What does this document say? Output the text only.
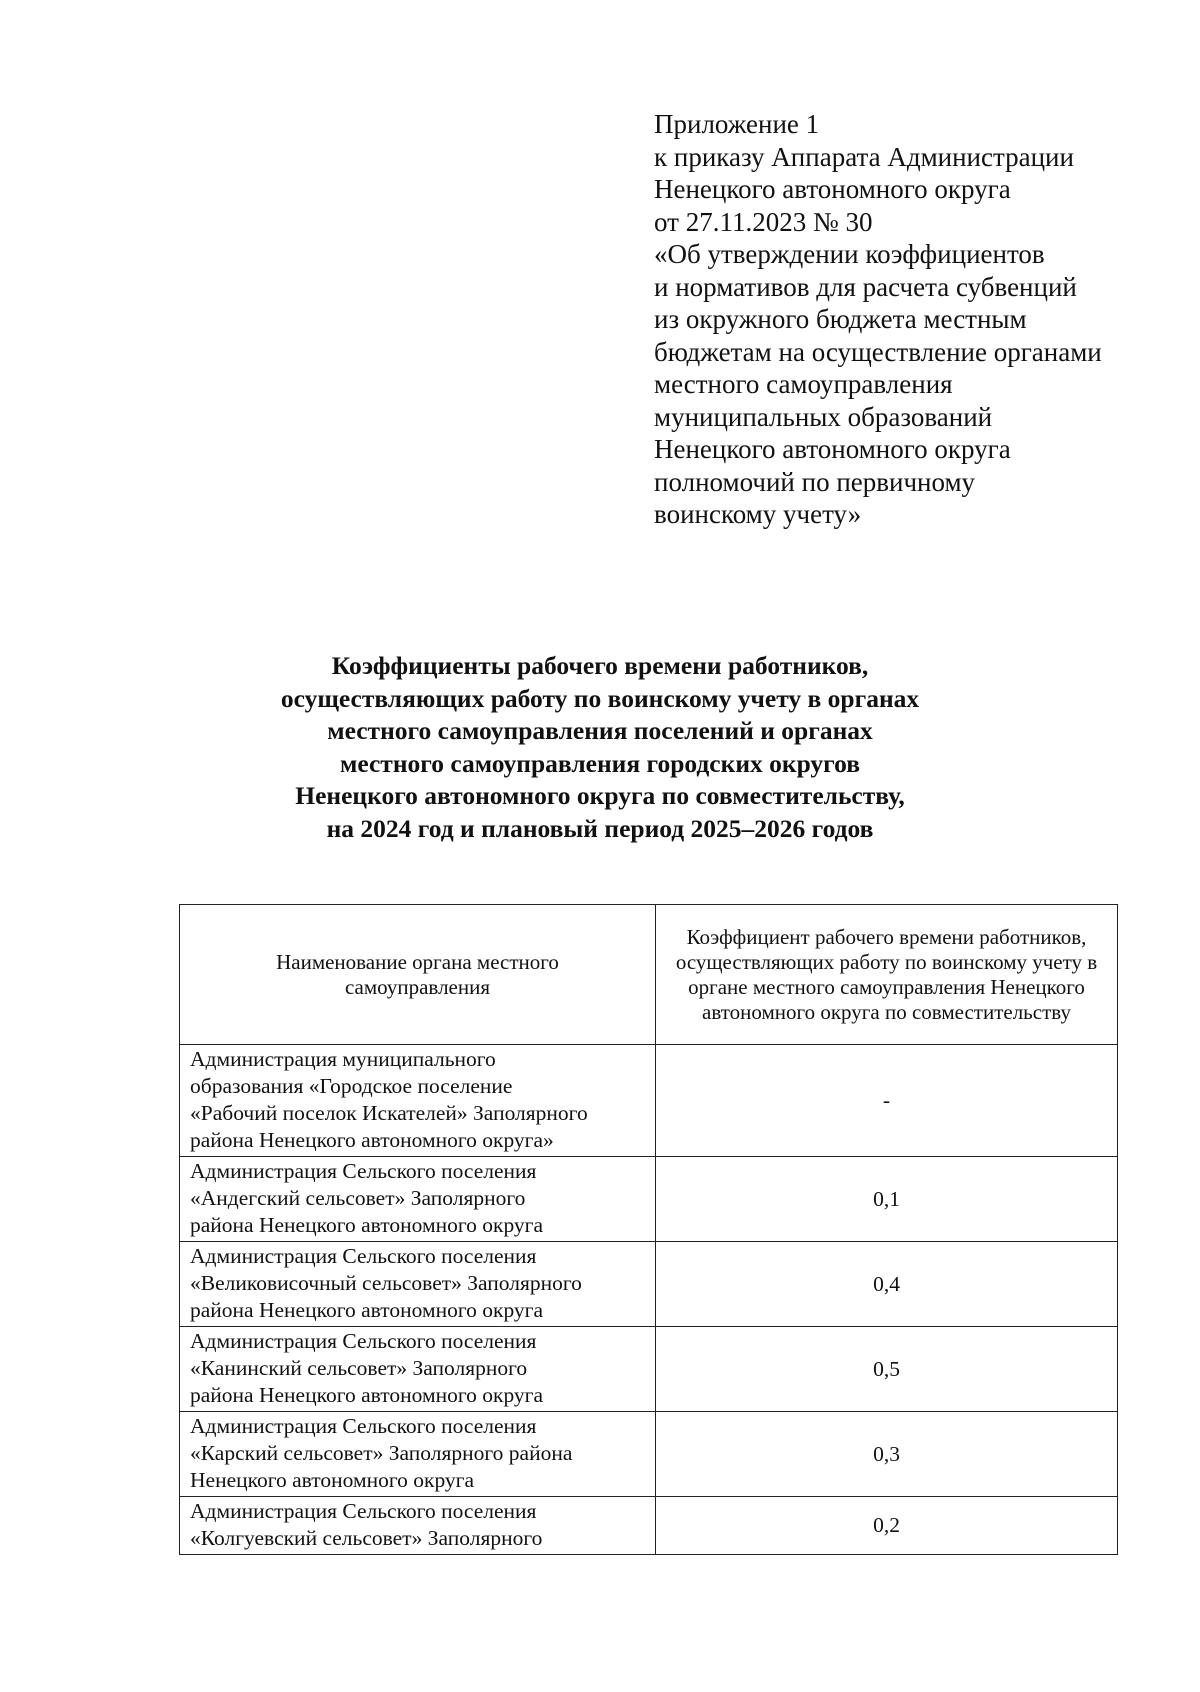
Приложение 1
к приказу Аппарата Администрации
Ненецкого автономного округа
от 27.11.2023 № 30
«Об утверждении коэффициентов
и нормативов для расчета субвенций
из окружного бюджета местным
бюджетам на осуществление органами
местного самоуправления
муниципальных образований
Ненецкого автономного округа
полномочий по первичному
воинскому учету»
Коэффициенты рабочего времени работников,
осуществляющих работу по воинскому учету в органах
местного самоуправления поселений и органах
местного самоуправления городских округов
Ненецкого автономного округа по совместительству,
на 2024 год и плановый период 2025–2026 годов
Наименование органа местного самоуправления	Коэффициент рабочего времени работников, осуществляющих работу по воинскому учету в органе местного самоуправления Ненецкого автономного округа по совместительству

Администрация муниципального
образования «Городское поселение
«Рабочий поселок Искателей» Заполярного
района Ненецкого автономного округа»	-

Администрация Сельского поселения
«Андегский сельсовет» Заполярного
района Ненецкого автономного округа	0,1

Администрация Сельского поселения
«Великовисочный сельсовет» Заполярного
района Ненецкого автономного округа	0,4

Администрация Сельского поселения
«Канинский сельсовет» Заполярного
района Ненецкого автономного округа	0,5

Администрация Сельского поселения
«Карский сельсовет» Заполярного района
Ненецкого автономного округа	0,3

Администрация Сельского поселения
«Колгуевский сельсовет» Заполярного	0,2
